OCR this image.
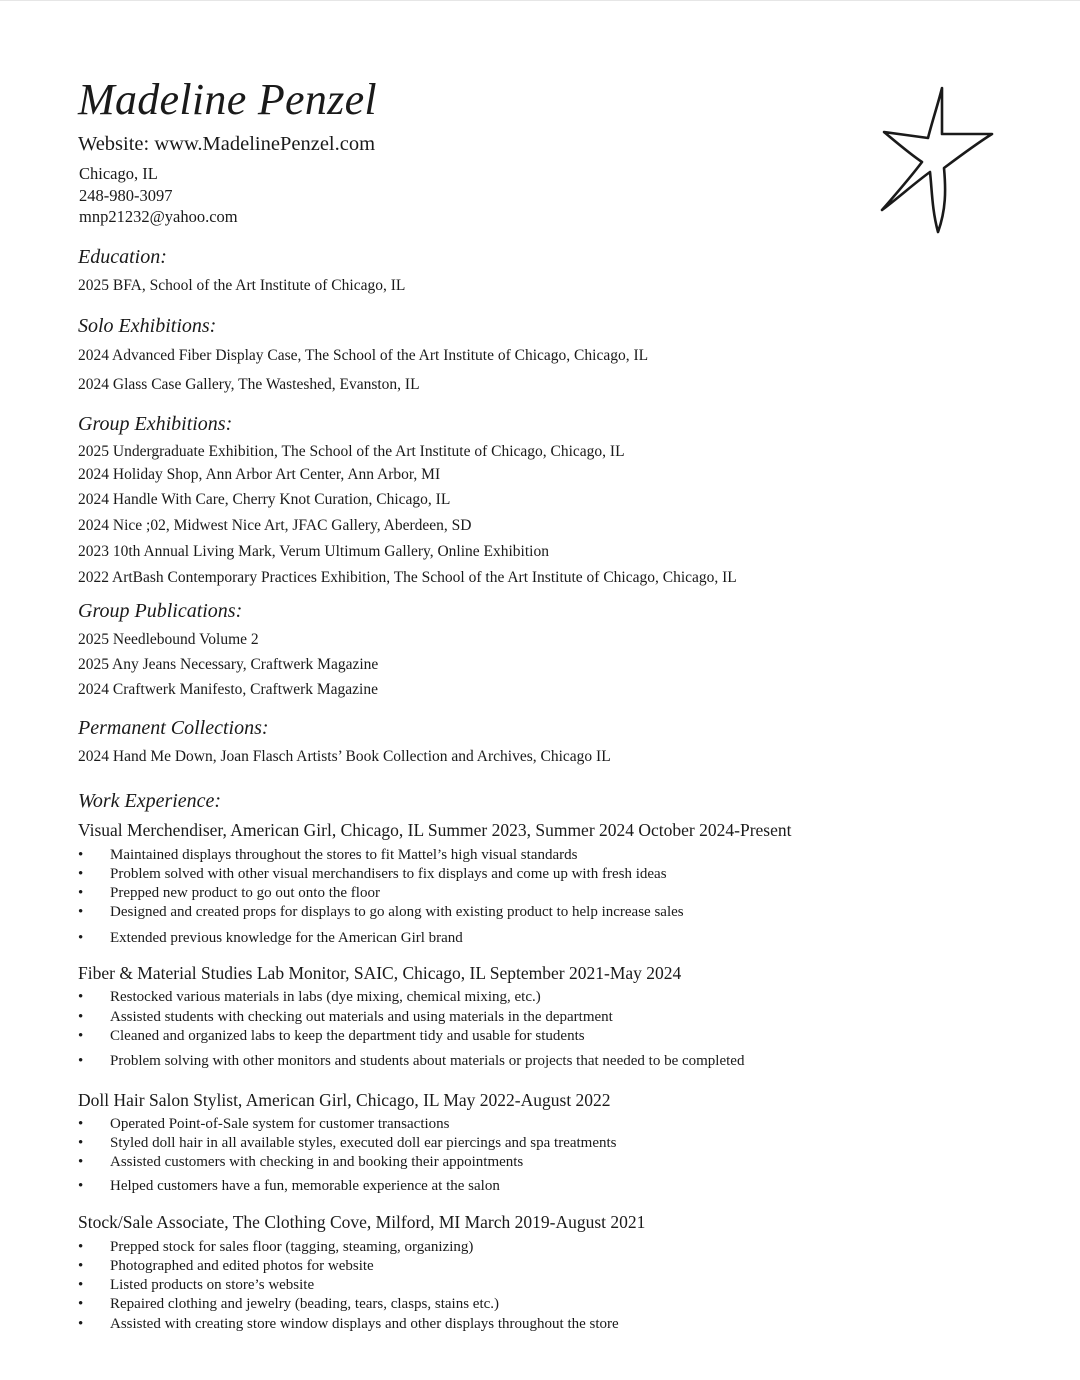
Madeline Penzel
Website: www.MadelinePenzel.com
Chicago, IL
248-980-3097
mnp21232@yahoo.com
Education:
2025 BFA, School of the Art Institute of Chicago, IL
Solo Exhibitions:
2024 Advanced Fiber Display Case, The School of the Art Institute of Chicago, Chicago, IL
2024 Glass Case Gallery, The Wasteshed, Evanston, IL
Group Exhibitions:
2025 Undergraduate Exhibition, The School of the Art Institute of Chicago, Chicago, IL
2024 Holiday Shop, Ann Arbor Art Center, Ann Arbor, MI
2024 Handle With Care, Cherry Knot Curation, Chicago, IL
2024 Nice ;02, Midwest Nice Art, JFAC Gallery, Aberdeen, SD
2023 10th Annual Living Mark, Verum Ultimum Gallery, Online Exhibition
2022 ArtBash Contemporary Practices Exhibition, The School of the Art Institute of Chicago, Chicago, IL
Group Publications:
2025 Needlebound Volume 2
2025 Any Jeans Necessary, Craftwerk Magazine
2024 Craftwerk Manifesto, Craftwerk Magazine
Permanent Collections:
2024 Hand Me Down, Joan Flasch Artists’ Book Collection and Archives, Chicago IL
Work Experience:
Visual Merchendiser, American Girl, Chicago, IL Summer 2023, Summer 2024 October 2024-Present
•	Maintained displays throughout the stores to fit Mattel’s high visual standards
•	Problem solved with other visual merchandisers to fix displays and come up with fresh ideas
•	Prepped new product to go out onto the floor
•	Designed and created props for displays to go along with existing product to help increase sales
•	Extended previous knowledge for the American Girl brand
Fiber & Material Studies Lab Monitor, SAIC, Chicago, IL September 2021-May 2024
•	Restocked various materials in labs (dye mixing, chemical mixing, etc.)
•	Assisted students with checking out materials and using materials in the department
•	Cleaned and organized labs to keep the department tidy and usable for students
•	Problem solving with other monitors and students about materials or projects that needed to be completed
Doll Hair Salon Stylist, American Girl, Chicago, IL May 2022-August 2022
•	Operated Point-of-Sale system for customer transactions
•	Styled doll hair in all available styles, executed doll ear piercings and spa treatments
•	Assisted customers with checking in and booking their appointments
•	Helped customers have a fun, memorable experience at the salon
Stock/Sale Associate, The Clothing Cove, Milford, MI March 2019-August 2021
•	Prepped stock for sales floor (tagging, steaming, organizing)
•	Photographed and edited photos for website
•	Listed products on store’s website
•	Repaired clothing and jewelry (beading, tears, clasps, stains etc.)
•	Assisted with creating store window displays and other displays throughout the store
